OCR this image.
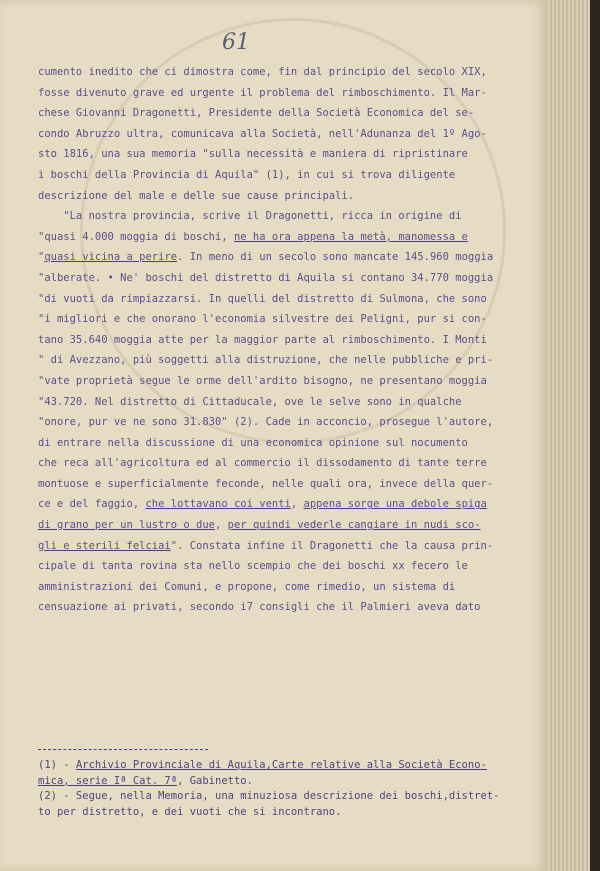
61
cumento inedito che ci dimostra come, fin dal principio del secolo XIX,
fosse divenuto grave ed urgente il problema del rimboschimento. Il Mar-
chese Giovanni Dragonetti, Presidente della Società Economica del se-
condo Abruzzo ultra, comunicava alla Società, nell'Adunanza del 1º Ago-
sto 1816, una sua memoria "sulla necessità e maniera di ripristinare
i boschi della Provincia di Aquila" (1), in cui si trova diligente
descrizione del male e delle sue cause principali.
"La nostra provincia, scrive il Dragonetti, ricca in origine di
"quasi 4.000 moggia di boschi, ne ha ora appena la metà, manomessa e
"quasi vicina a perire. In meno di un secolo sono mancate 145.960 moggia
"alberate. • Ne' boschi del distretto di Aquila si contano 34.770 moggia
"di vuoti da rimpiazzarsi. In quelli del distretto di Sulmona, che sono
"i migliori e che onorano l'economia silvestre dei Peligni, pur si con-
tano 35.640 moggia atte per la maggior parte al rimboschimento. I Monti
" di Avezzano, più soggetti alla distruzione, che nelle pubbliche e pri-
"vate proprietà segue le orme dell'ardito bisogno, ne presentano moggia
"43.720. Nel distretto di Cittaducale, ove le selve sono in qualche
"onore, pur ve ne sono 31.830" (2). Cade in acconcio, prosegue l'autore,
di entrare nella discussione di una economica opinione sul nocumento
che reca all'agricoltura ed al commercio il dissodamento di tante terre
montuose e superficialmente feconde, nelle quali ora, invece della quer-
ce e del faggio, che lottavano coi venti, appena sorge una debole spiga
di grano per un lustro o due, per quindi vederle cangiare in nudi sco-
gli e sterili felciai". Constata infine il Dragonetti che la causa prin-
cipale di tanta rovina sta nello scempio che dei boschi xx fecero le
amministrazioni dei Comuni, e propone, come rimedio, un sistema di
censuazione ai privati, secondo i7 consigli che il Palmieri aveva dato
(1) - Archivio Provinciale di Aquila,Carte relative alla Società Econo-
mica, serie Iª Cat. 7ª, Gabinetto.
(2) - Segue, nella Memoria, una minuziosa descrizione dei boschi,distret-
to per distretto, e dei vuoti che si incontrano.
